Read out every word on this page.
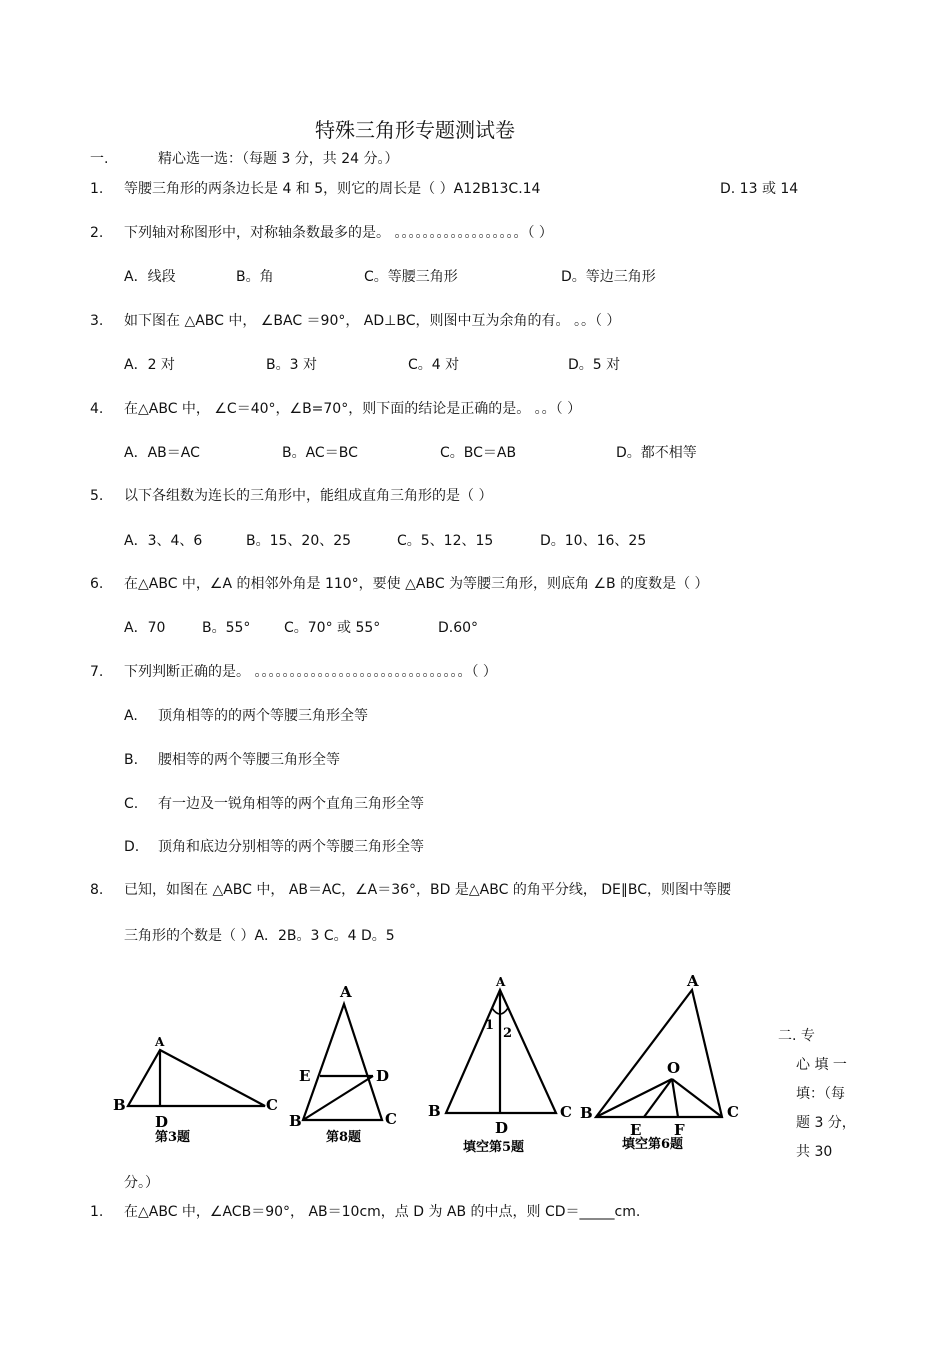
特殊三角形专题测试卷
一.	精心选一选：（每题 3 分，共 24 分。）
1. 等腰三角形的两条边长是 4 和 5，则它的周长是（ ）A12B13C.14	D. 13 或 14
2. 下列轴对称图形中，对称轴条数最多的是。 。。。。。。。。。。。。。。。。。。（ ）
A．线段	B。角	C。等腰三角形	D。等边三角形
3. 如下图在 △ABC 中， ∠BAC ＝90°， AD⊥BC，则图中互为余角的有。 。。（ ）
A．2 对	B。3 对	C。4 对	D。5 对
4. 在△ABC 中， ∠C＝40°，∠B=70°，则下面的结论是正确的是。 。。（ ）
A．AB＝AC	B。AC＝BC	C。BC＝AB	D。都不相等
5. 以下各组数为连长的三角形中，能组成直角三角形的是（ ）
A．3、4、6	B。15、20、25	C。5、12、15	D。10、16、25
6. 在△ABC 中，∠A 的相邻外角是 110°，要使 △ABC 为等腰三角形，则底角 ∠B 的度数是（ ）
A．70	B。55° C。70° 或 55°	D.60°
7. 下列判断正确的是。 。。。。。。。。。。。。。。。。。。。。。。。。。。。。。。（ ）
A. 顶角相等的的两个等腰三角形全等
B. 腰相等的两个等腰三角形全等
C. 有一边及一锐角相等的两个直角三角形全等
D. 顶角和底边分别相等的两个等腰三角形全等
8. 已知，如图在 △ABC 中， AB＝AC，∠A＝36°，BD 是△ABC 的角平分线， DE∥BC，则图中等腰
三角形的个数是（ ）A．2B。3 C。4 D。5
A
B	C
D
第3题
A
E	D
B	C
第8题
A
1
2
B	C
D
填空第5题
A
O
B	C
E F
填空第6题
二. 专
心 填 一
填：（每
题 3 分，
共 30
分。）
1. 在△ABC 中，∠ACB＝90°， AB＝10cm，点 D 为 AB 的中点，则 CD＝_____cm.
